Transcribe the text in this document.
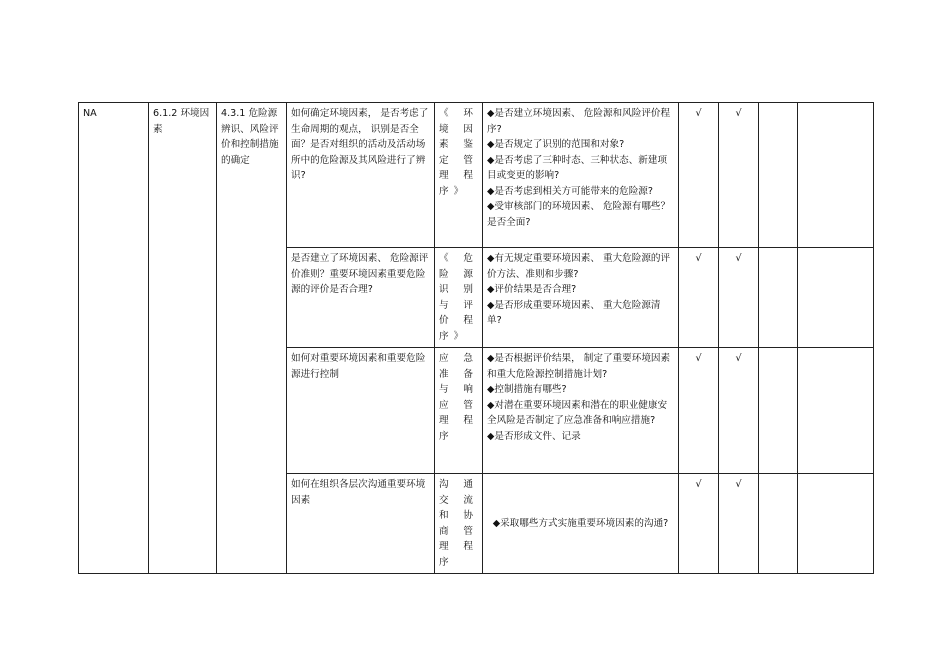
NA	6.1.2 环境因素	4.3.1 危险源辨识、风险评价和控制措施的确定	如何确定环境因素， 是否考虑了生命周期的观点， 识别是否全面？是否对组织的活动及活动场所中的危险源及其风险进行了辨识?	《环境因素鉴定管理程序》	◆是否建立环境因素、 危险源和风险评价程序?
◆是否规定了识别的范围和对象?
◆是否考虑了三种时态、三种状态、新建项目或变更的影响?
◆是否考虑到相关方可能带来的危险源?
◆受审核部门的环境因素、 危险源有哪些？是否全面?	√	√		
			是否建立了环境因素、 危险源评价准则？重要环境因素重要危险源的评价是否合理?	《危险源识别与评价程序》	◆有无规定重要环境因素、 重大危险源的评价方法、准则和步骤?
◆评价结果是否合理?
◆是否形成重要环境因素、 重大危险源清单?	√	√		
			如何对重要环境因素和重要危险源进行控制	应急准备与响应管理程序	◆是否根据评价结果， 制定了重要环境因素和重大危险源控制措施计划?
◆控制措施有哪些?
◆对潜在重要环境因素和潜在的职业健康安全风险是否制定了应急准备和响应措施?
◆是否形成文件、记录	√	√		
			如何在组织各层次沟通重要环境因素	沟通交流和协商管理程序	◆采取哪些方式实施重要环境因素的沟通?	√	√		
